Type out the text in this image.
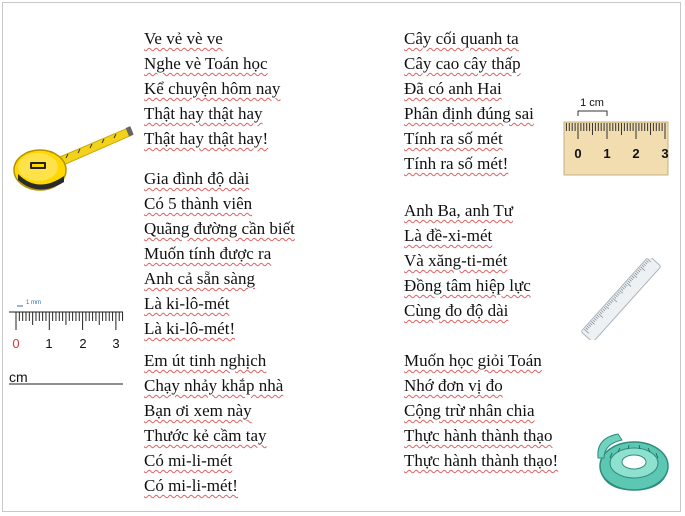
Ve vẻ vè ve
Nghe vè Toán học
Kể chuyện hôm nay
Thật hay thật hay
Thật hay thật hay!
Gia đình độ dài
Có 5 thành viên
Quãng đường cần biết
Muốn tính được ra
Anh cả sẵn sàng
Là ki-lô-mét
Là ki-lô-mét!
Em út tinh nghịch
Chạy nhảy khắp nhà
Bạn ơi xem này
Thước kẻ cầm tay
Có mi-li-mét
Có mi-li-mét!
Cây cối quanh ta
Cây cao cây thấp
Đã có anh Hai
Phân định đúng sai
Tính ra số mét
Tính ra số mét!
Anh Ba, anh Tư
Là đề-xi-mét
Và xăng-ti-mét
Đồng tâm hiệp lực
Cùng đo độ dài
Muốn học giỏi Toán
Nhớ đơn vị đo
Cộng trừ nhân chia
Thực hành thành thạo
Thực hành thành thạo!
1 mm
0 1 2 3
cm
1 cm
0 1 2 3
